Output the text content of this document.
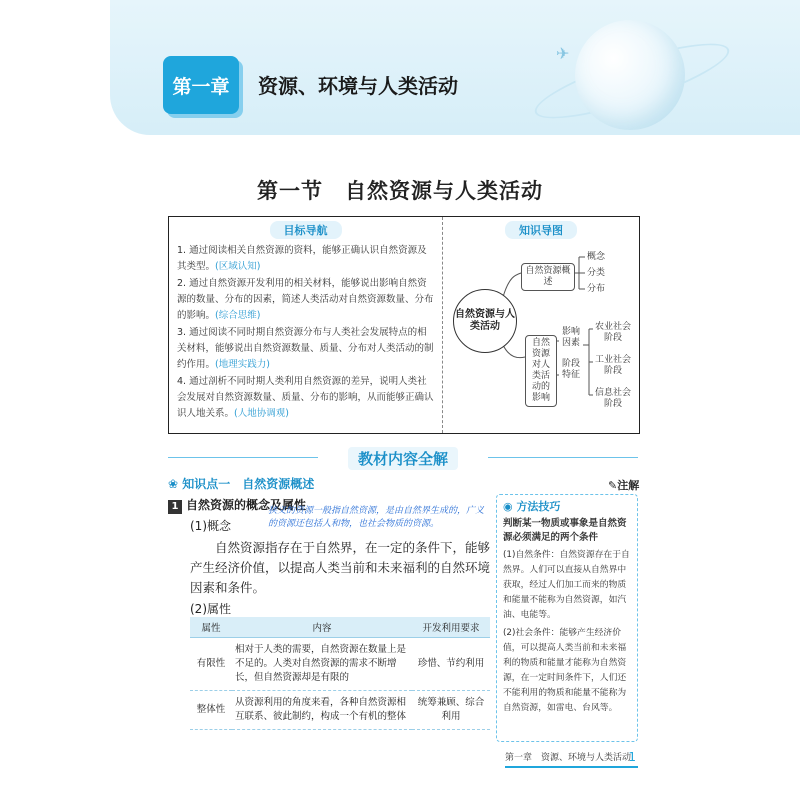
✈
第一章	资源、环境与人类活动
第一节　自然资源与人类活动
目标导航
1. 通过阅读相关自然资源的资料，能够正确认识自然资源及其类型。(区域认知)
2. 通过自然资源开发利用的相关材料，能够说出影响自然资源的数量、分布的因素，简述人类活动对自然资源数量、分布的影响。(综合思维)
3. 通过阅读不同时期自然资源分布与人类社会发展特点的相关材料，能够说出自然资源数量、质量、分布对人类活动的制约作用。(地理实践力)
4. 通过剖析不同时期人类利用自然资源的差异，说明人类社会发展对自然资源数量、质量、分布的影响，从而能够正确认识人地关系。(人地协调观)
知识导图
自然资源与人类活动
自然资源概述
概念
分类
分布
自然资源对人类活动的影响
影响因素
阶段特征
农业社会阶段
工业社会阶段
信息社会阶段
教材内容全解
❀ 知识点一　自然资源概述	✎注解
1 自然资源的概念及属性
(1)概念
狭义的资源一般指自然资源，是由自然界生成的，广义的资源还包括人和物，也社会物质的资源。
自然资源指存在于自然界，在一定的条件下，能够产生经济价值，以提高人类当前和未来福利的自然环境因素和条件。
(2)属性
属性	内容	开发利用要求
有限性	相对于人类的需要，自然资源在数量上是不足的。人类对自然资源的需求不断增长，但自然资源却是有限的	珍惜、节约利用
整体性	从资源利用的角度来看，各种自然资源相互联系、彼此制约，构成一个有机的整体	统筹兼顾、综合利用
◉ 方法技巧
判断某一物质或事象是自然资源必须满足的两个条件

(1)自然条件：自然资源存在于自然界。人们可以直接从自然界中获取，经过人们加工而来的物质和能量不能称为自然资源，如汽油、电能等。

(2)社会条件：能够产生经济价值，可以提高人类当前和未来福利的物质和能量才能称为自然资源，在一定时间条件下，人们还不能利用的物质和能量不能称为自然资源，如雷电、台风等。

第一章　资源、环境与人类活动
1
